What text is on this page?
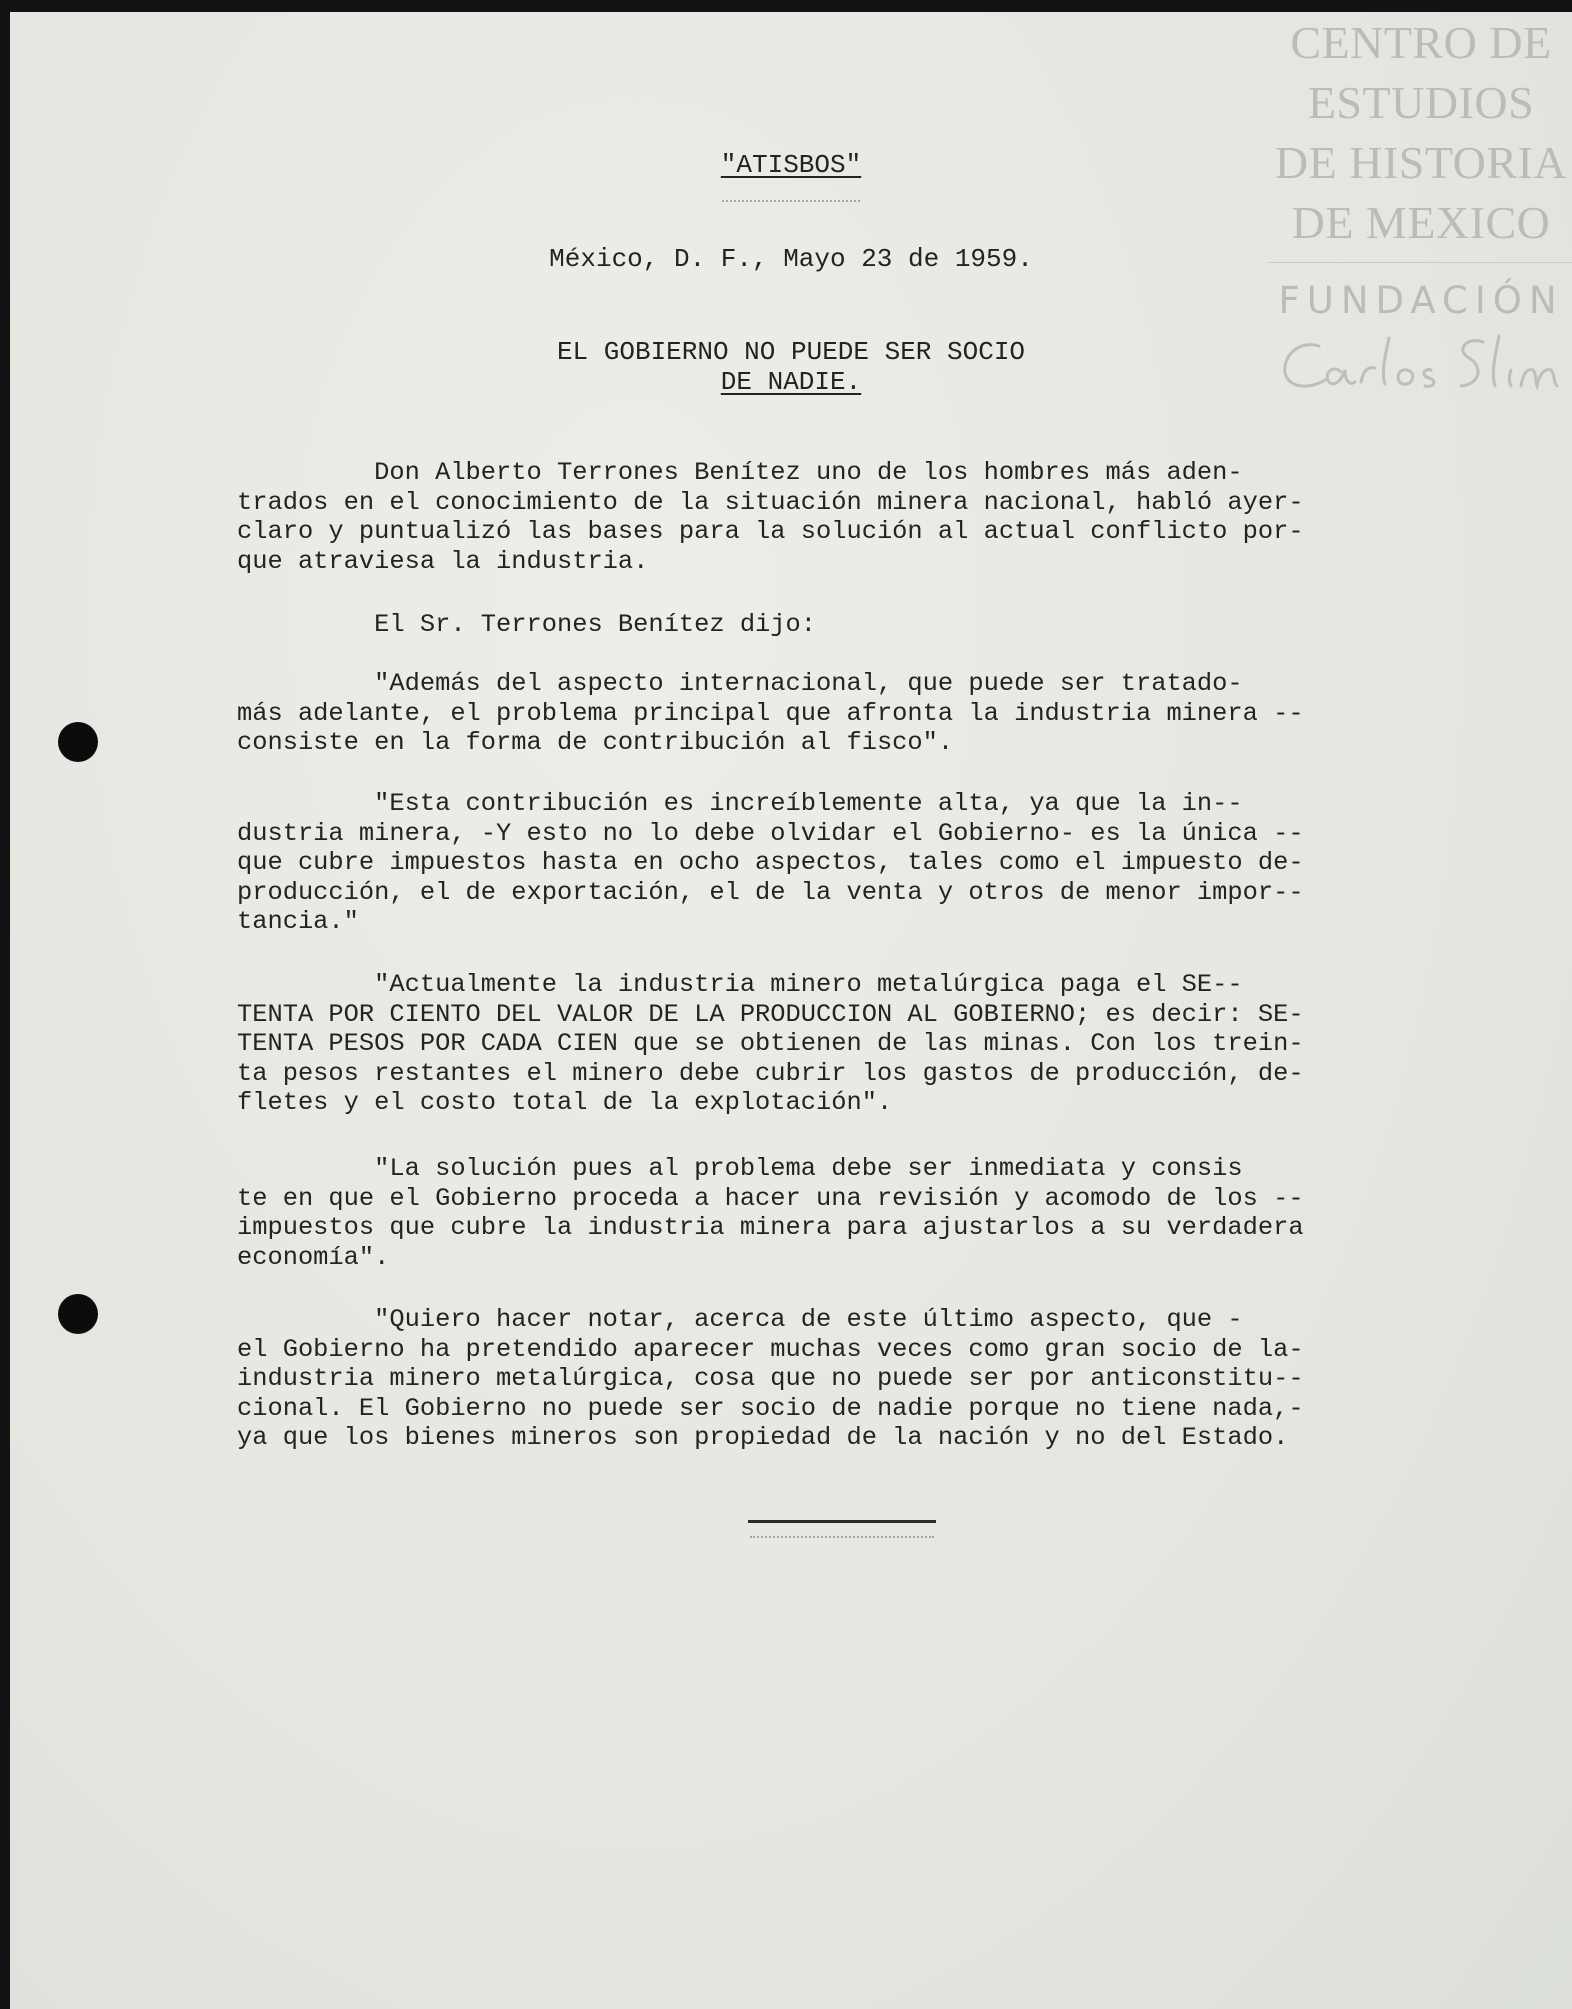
CENTRO DE
ESTUDIOS
DE HISTORIA
DE MEXICO
FUNDACIÓN
"ATISBOS"
México, D. F., Mayo 23 de 1959.
EL GOBIERNO NO PUEDE SER SOCIO
DE NADIE.
Don Alberto Terrones Benítez uno de los hombres más aden-
trados en el conocimiento de la situación minera nacional, habló ayer-
claro y puntualizó las bases para la solución al actual conflicto por-
que atraviesa la industria.
El Sr. Terrones Benítez dijo:
"Además del aspecto internacional, que puede ser tratado-
más adelante, el problema principal que afronta la industria minera --
consiste en la forma de contribución al fisco".
"Esta contribución es increíblemente alta, ya que la in--
dustria minera, -Y esto no lo debe olvidar el Gobierno- es la única --
que cubre impuestos hasta en ocho aspectos, tales como el impuesto de-
producción, el de exportación, el de la venta y otros de menor impor--
tancia."
"Actualmente la industria minero metalúrgica paga el SE--
TENTA POR CIENTO DEL VALOR DE LA PRODUCCION AL GOBIERNO; es decir: SE-
TENTA PESOS POR CADA CIEN que se obtienen de las minas. Con los trein-
ta pesos restantes el minero debe cubrir los gastos de producción, de-
fletes y el costo total de la explotación".
"La solución pues al problema debe ser inmediata y consis
te en que el Gobierno proceda a hacer una revisión y acomodo de los --
impuestos que cubre la industria minera para ajustarlos a su verdadera
economía".
"Quiero hacer notar, acerca de este último aspecto, que -
el Gobierno ha pretendido aparecer muchas veces como gran socio de la-
industria minero metalúrgica, cosa que no puede ser por anticonstitu--
cional. El Gobierno no puede ser socio de nadie porque no tiene nada,-
ya que los bienes mineros son propiedad de la nación y no del Estado.
